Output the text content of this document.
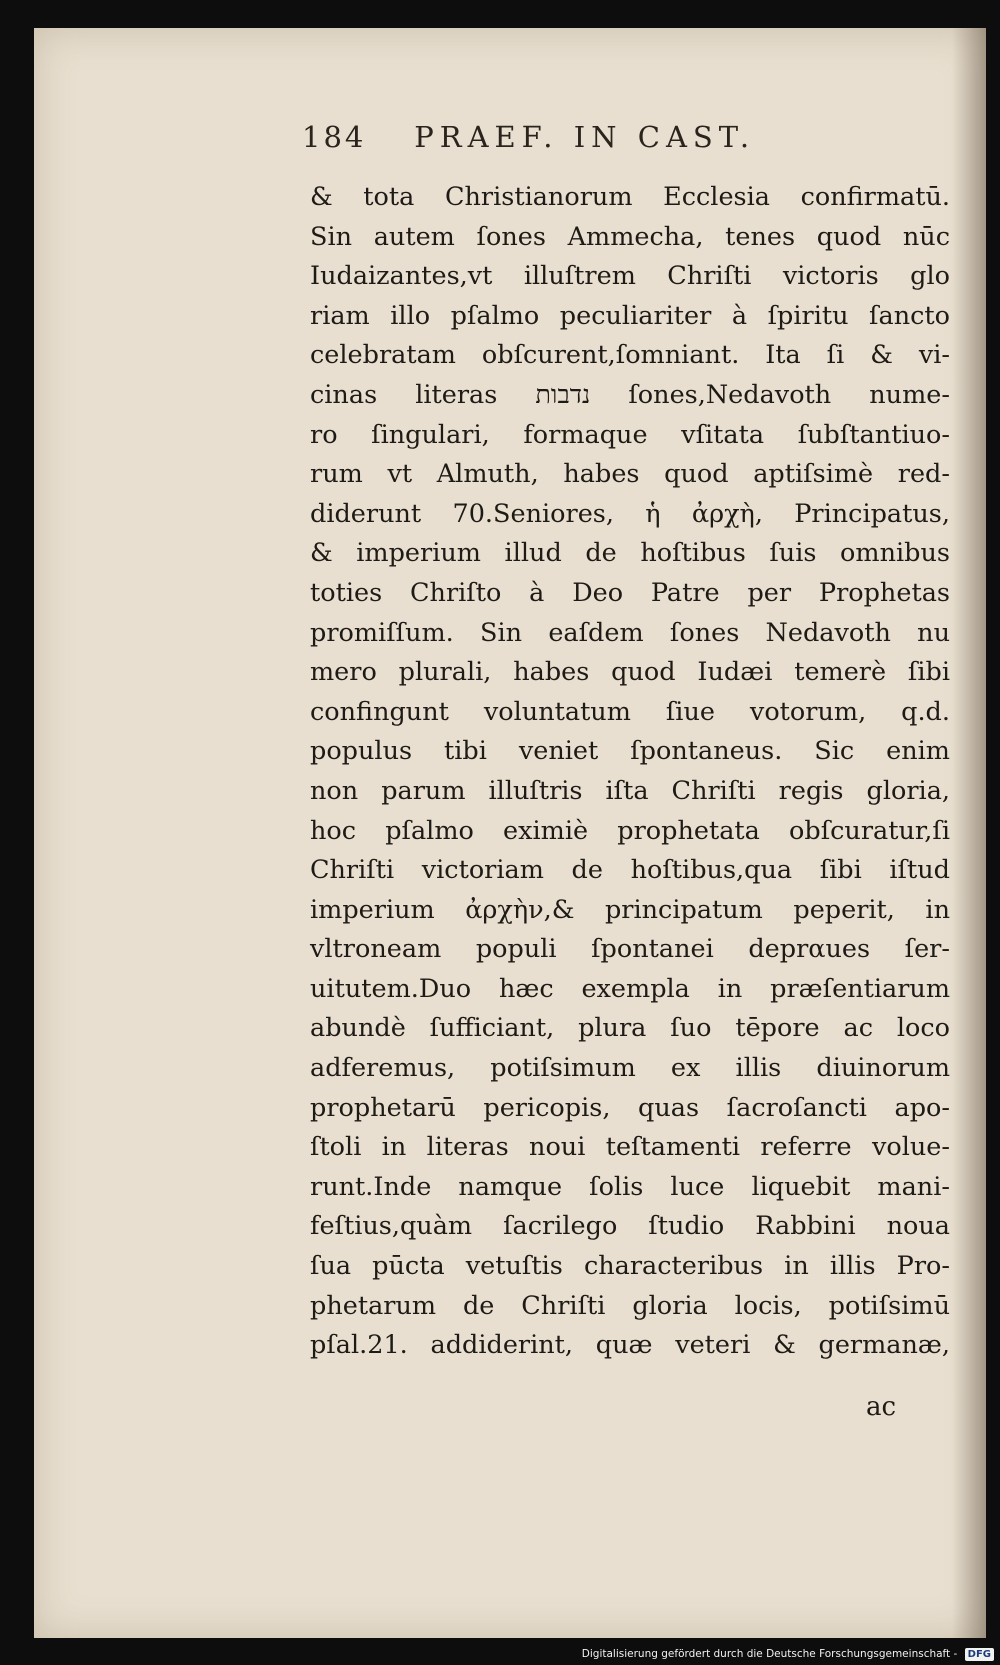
184 PRAEF. IN CAST.
& tota Christianorum Ecclesia confirmatū.
Sin autem ſones Ammecha, tenes quod nūc
Iudaizantes,vt illuſtrem Chriſti victoris glo
riam illo pſalmo peculiariter à ſpiritu ſancto
celebratam obſcurent,ſomniant. Ita ſi & vi-
cinas literas נדבות ſones,Nedavoth nume-
ro ſingulari, formaque vſitata ſubſtantiuo-
rum vt Almuth, habes quod aptiſsimè red-
diderunt 70.Seniores, ἡ ἀρχὴ, Principatus,
& imperium illud de hoſtibus ſuis omnibus
toties Chriſto à Deo Patre per Prophetas
promiſſum. Sin eaſdem ſones Nedavoth nu
mero plurali, habes quod Iudæi temerè ſibi
confingunt voluntatum ſiue votorum, q.d.
populus tibi veniet ſpontaneus. Sic enim
non parum illuſtris iſta Chriſti regis gloria,
hoc pſalmo eximiè prophetata obſcuratur,ſi
Chriſti victoriam de hoſtibus,qua ſibi iſtud
imperium ἀρχὴν,& principatum peperit, in
vltroneam populi ſpontanei deprαues ſer-
uitutem.Duo hæc exempla in præſentiarum
abundè ſufficiant, plura ſuo tēpore ac loco
adferemus, potiſsimum ex illis diuinorum
prophetarū pericopis, quas ſacroſancti apo-
ſtoli in literas noui teſtamenti referre volue-
runt.Inde namque ſolis luce liquebit mani-
feſtius,quàm ſacrilego ſtudio Rabbini noua
ſua pūcta vetuſtis characteribus in illis Pro-
phetarum de Chriſti gloria locis, potiſsimū
pſal.21. addiderint, quæ veteri & germanæ,
ac
Digitalisierung gefördert durch die Deutsche Forschungsgemeinschaft - DFG
